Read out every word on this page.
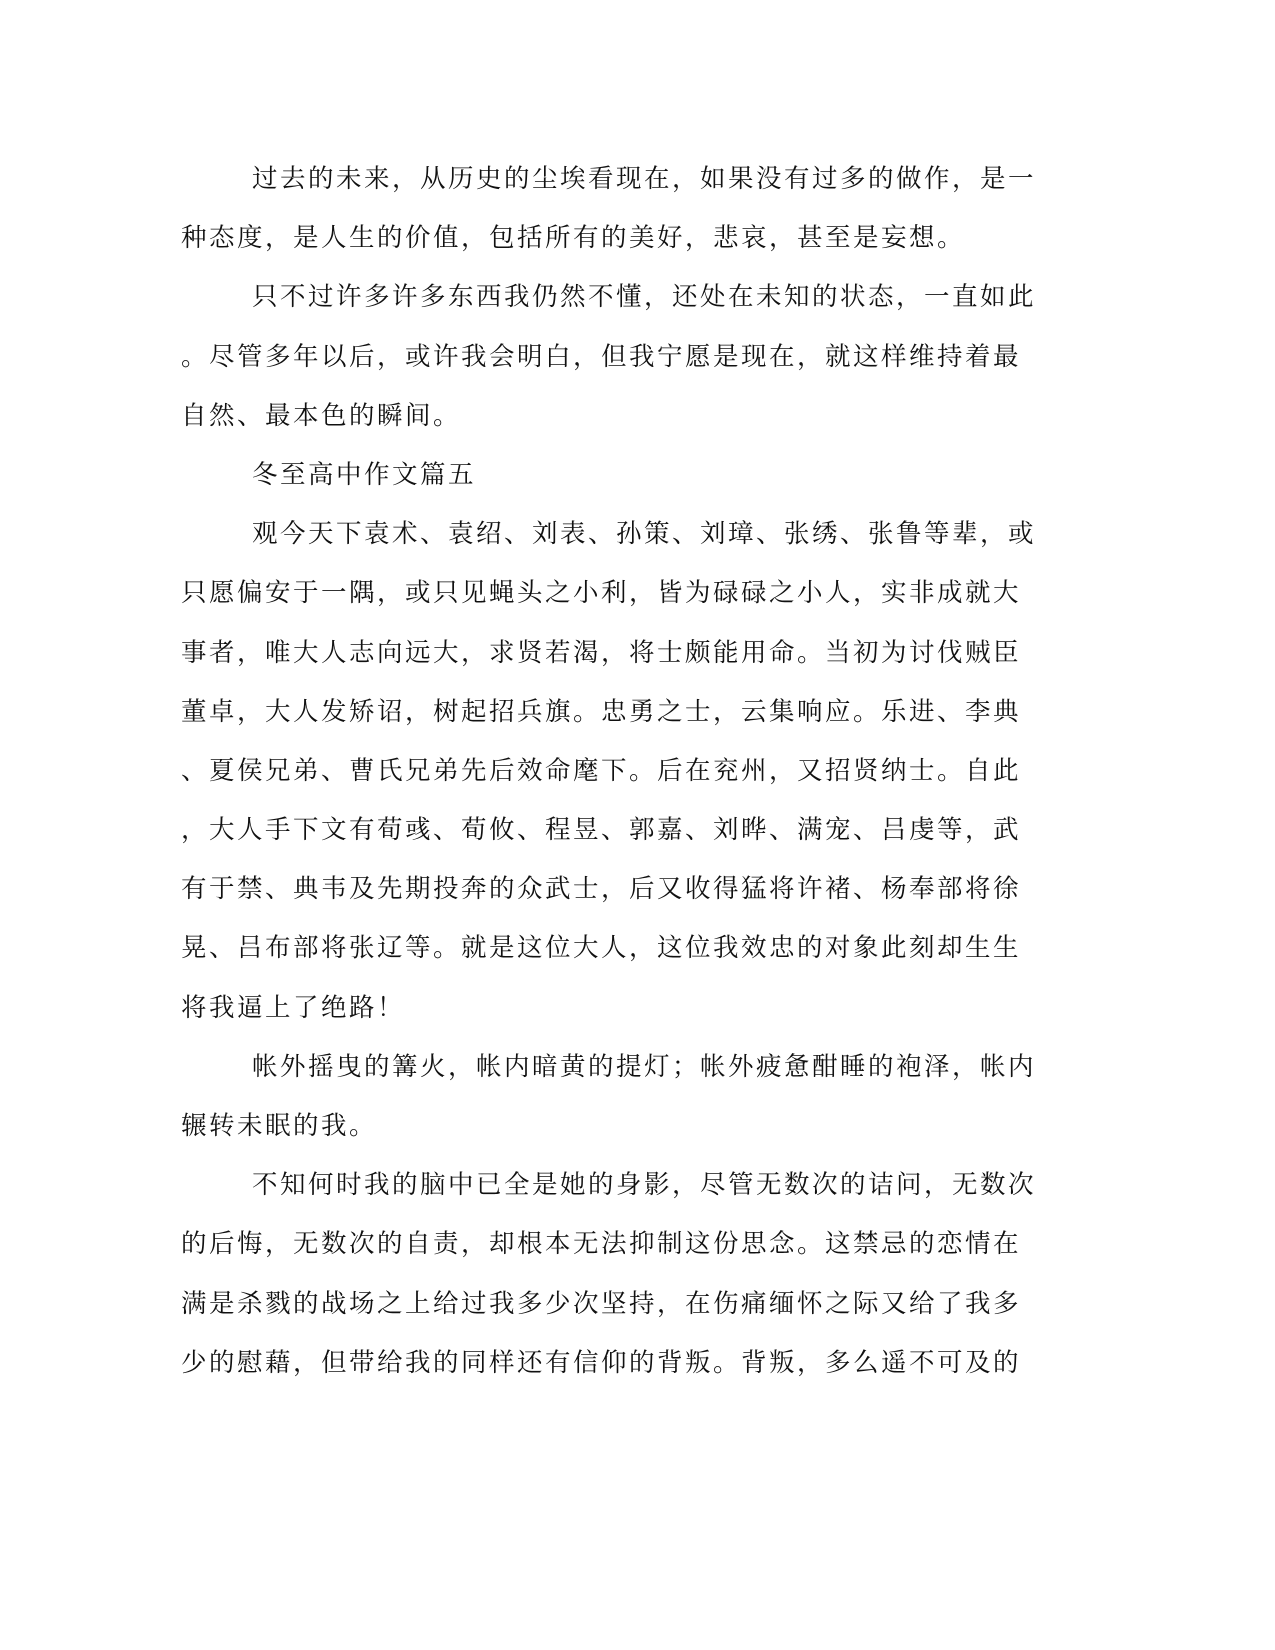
过去的未来，从历史的尘埃看现在，如果没有过多的做作，是一
种态度，是人生的价值，包括所有的美好，悲哀，甚至是妄想。
只不过许多许多东西我仍然不懂，还处在未知的状态，一直如此
。尽管多年以后，或许我会明白，但我宁愿是现在，就这样维持着最
自然、最本色的瞬间。
冬至高中作文篇五
观今天下袁术、袁绍、刘表、孙策、刘璋、张绣、张鲁等辈，或
只愿偏安于一隅，或只见蝇头之小利，皆为碌碌之小人，实非成就大
事者，唯大人志向远大，求贤若渴，将士颇能用命。当初为讨伐贼臣
董卓，大人发矫诏，树起招兵旗。忠勇之士，云集响应。乐进、李典
、夏侯兄弟、曹氏兄弟先后效命麾下。后在兖州，又招贤纳士。自此
，大人手下文有荀彧、荀攸、程昱、郭嘉、刘晔、满宠、吕虔等，武
有于禁、典韦及先期投奔的众武士，后又收得猛将许褚、杨奉部将徐
晃、吕布部将张辽等。就是这位大人，这位我效忠的对象此刻却生生
将我逼上了绝路！
帐外摇曳的篝火，帐内暗黄的提灯；帐外疲惫酣睡的袍泽，帐内
辗转未眠的我。
不知何时我的脑中已全是她的身影，尽管无数次的诘问，无数次
的后悔，无数次的自责，却根本无法抑制这份思念。这禁忌的恋情在
满是杀戮的战场之上给过我多少次坚持，在伤痛缅怀之际又给了我多
少的慰藉，但带给我的同样还有信仰的背叛。背叛，多么遥不可及的
